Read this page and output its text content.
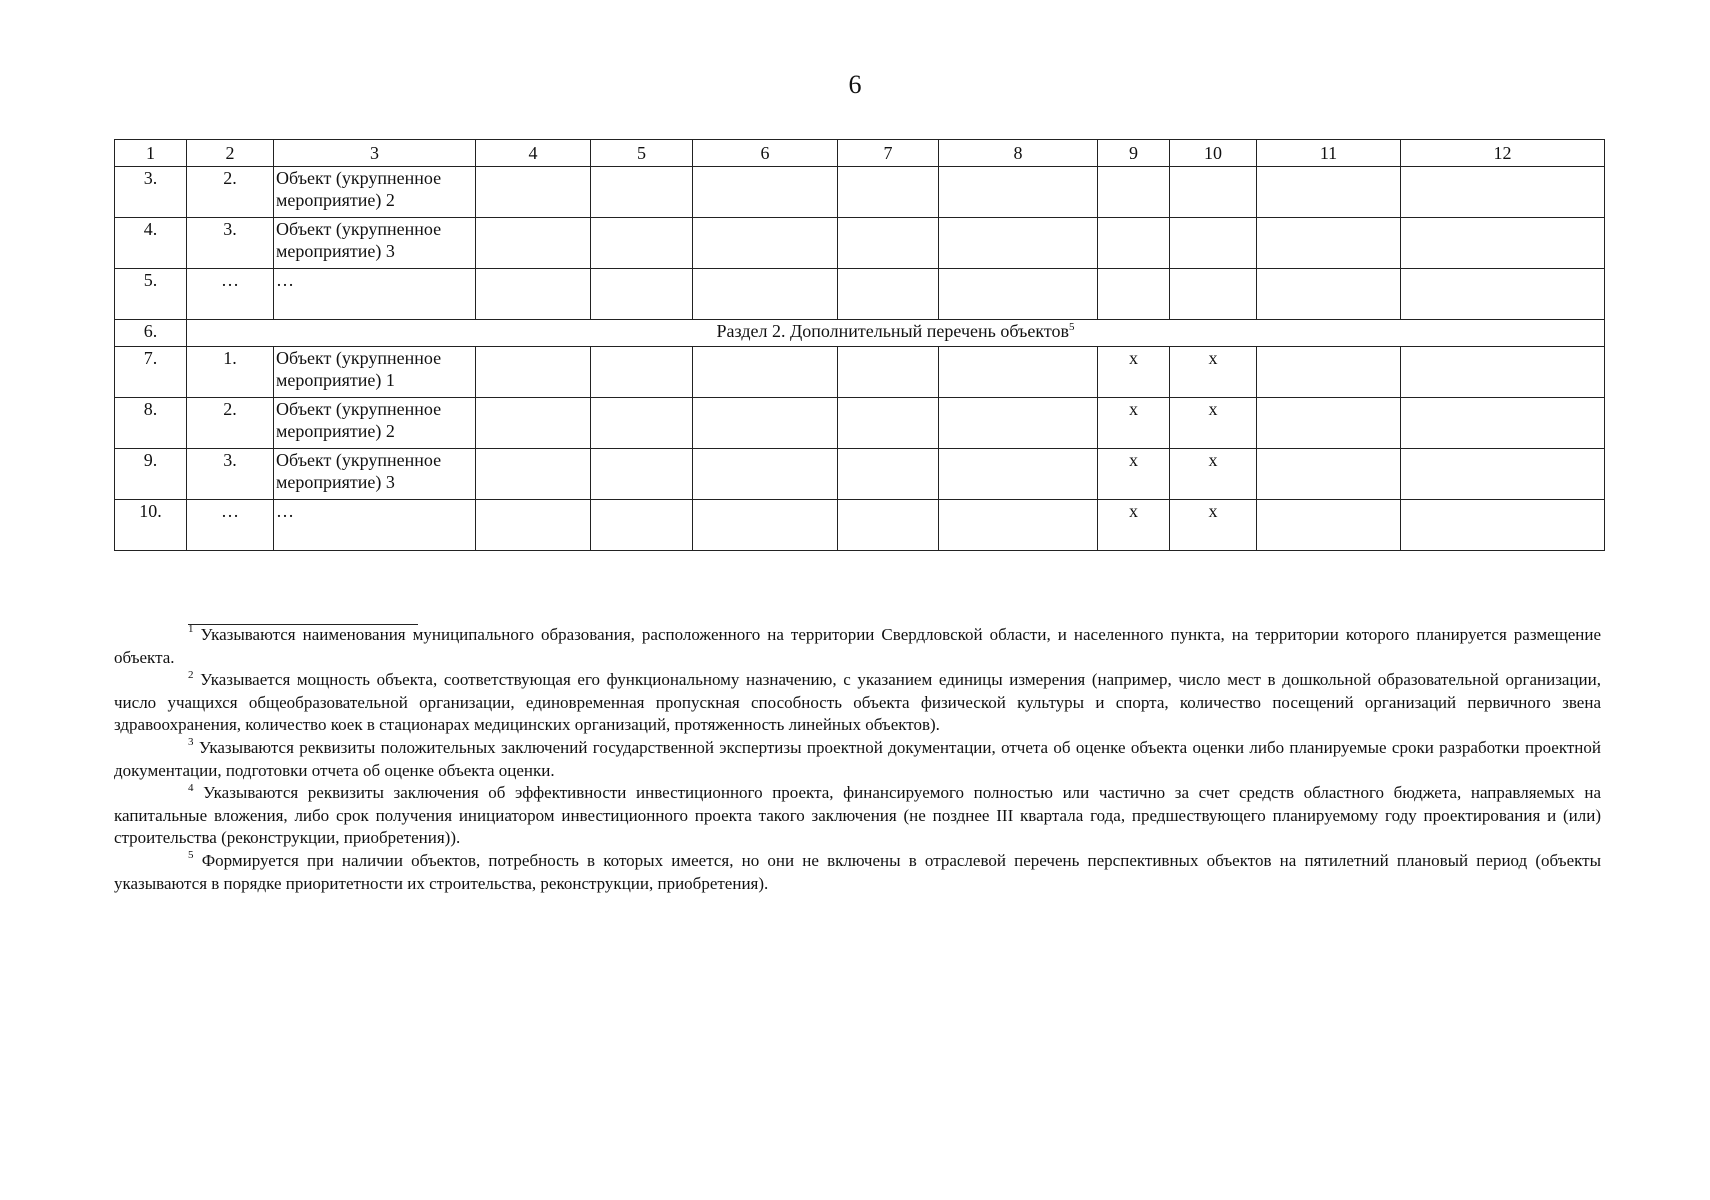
6
1	2	3	4	5	6	7	8	9	10	11	12
3.	2.	Объект (укрупненное
мероприятие) 2									

4.	3.	Объект (укрупненное
мероприятие) 3									

5.	…	…									

6.	Раздел 2. Дополнительный перечень объектов$^5$
7.	1.	Объект (укрупненное
мероприятие) 1						x	x		
8.	2.	Объект (укрупненное
мероприятие) 2						x	x		
9.	3.	Объект (укрупненное
мероприятие) 3						x	x		
10.	…	…						x	x		

$^1$ Указываются наименования муниципального образования, расположенного на территории Свердловской области, и населенного пункта, на территории которого планируется размещение объекта.

$^2$ Указывается мощность объекта, соответствующая его функциональному назначению, с указанием единицы измерения (например, число мест в дошкольной образовательной организации, число учащихся общеобразовательной организации, единовременная пропускная способность объекта физической культуры и спорта, количество посещений организаций первичного звена здравоохранения, количество коек в стационарах медицинских организаций, протяженность линейных объектов).

$^3$ Указываются реквизиты положительных заключений государственной экспертизы проектной документации, отчета об оценке объекта оценки либо планируемые сроки разработки проектной документации, подготовки отчета об оценке объекта оценки.

$^4$ Указываются реквизиты заключения об эффективности инвестиционного проекта, финансируемого полностью или частично за счет средств областного бюджета, направляемых на капитальные вложения, либо срок получения инициатором инвестиционного проекта такого заключения (не позднее III квартала года, предшествующего планируемому году проектирования и (или) строительства (реконструкции, приобретения)).

$^5$ Формируется при наличии объектов, потребность в которых имеется, но они не включены в отраслевой перечень перспективных объектов на пятилетний плановый период (объекты указываются в порядке приоритетности их строительства, реконструкции, приобретения).
